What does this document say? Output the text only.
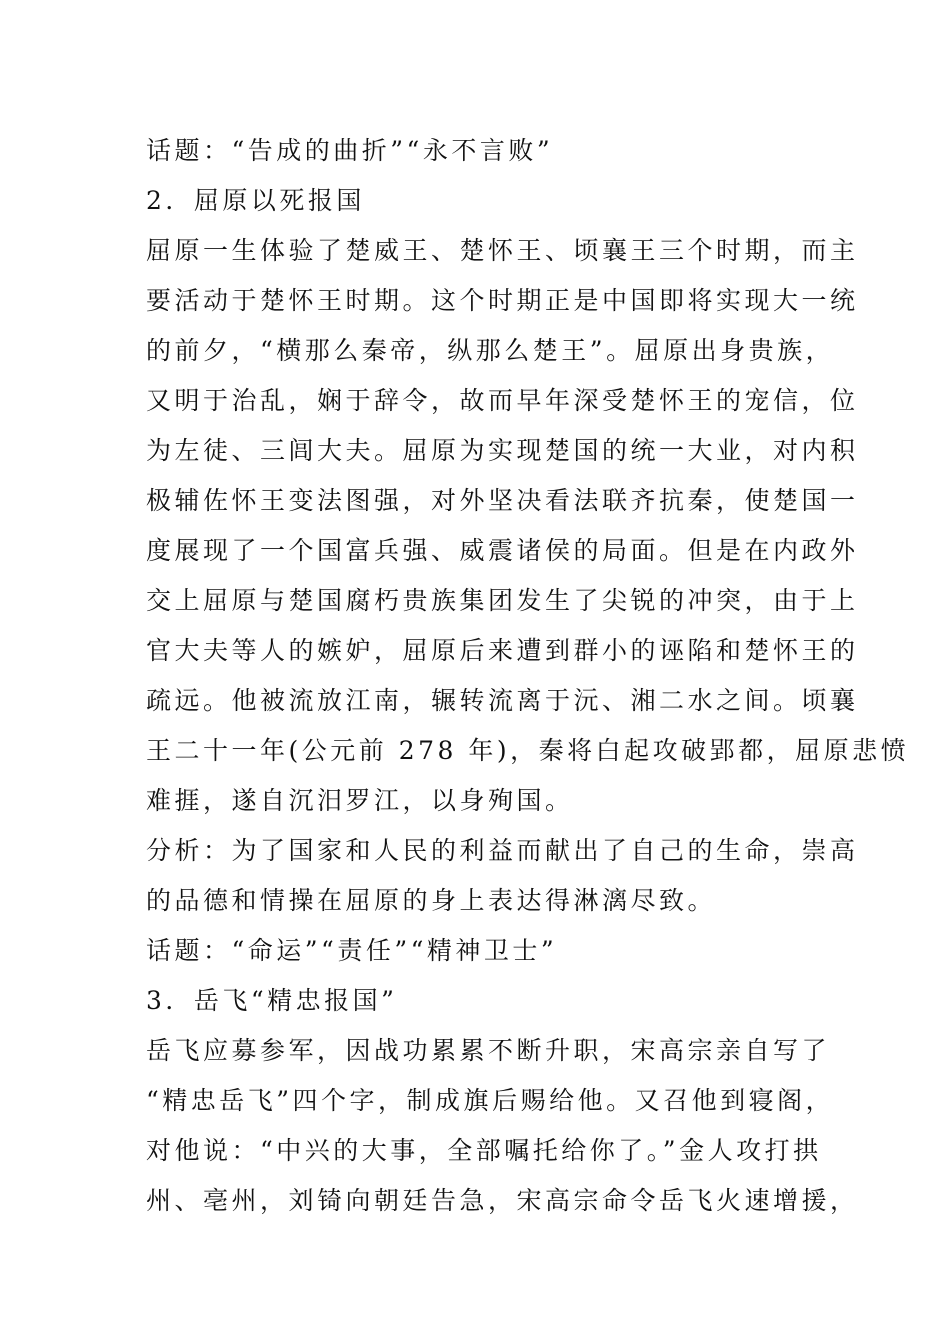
话题：“告成的曲折”“永不言败”
2．屈原以死报国
屈原一生体验了楚威王、楚怀王、顷襄王三个时期，而主
要活动于楚怀王时期。这个时期正是中国即将实现大一统
的前夕，“横那么秦帝，纵那么楚王”。屈原出身贵族，
又明于治乱，娴于辞令，故而早年深受楚怀王的宠信，位
为左徒、三闾大夫。屈原为实现楚国的统一大业，对内积
极辅佐怀王变法图强，对外坚决看法联齐抗秦，使楚国一
度展现了一个国富兵强、威震诸侯的局面。但是在内政外
交上屈原与楚国腐朽贵族集团发生了尖锐的冲突，由于上
官大夫等人的嫉妒，屈原后来遭到群小的诬陷和楚怀王的
疏远。他被流放江南，辗转流离于沅、湘二水之间。顷襄
王二十一年(公元前 278 年)，秦将白起攻破郢都，屈原悲愤
难捱，遂自沉汨罗江，以身殉国。
分析：为了国家和人民的利益而献出了自己的生命，崇高
的品德和情操在屈原的身上表达得淋漓尽致。
话题：“命运”“责任”“精神卫士”
3．岳飞“精忠报国”
岳飞应募参军，因战功累累不断升职，宋高宗亲自写了
“精忠岳飞”四个字，制成旗后赐给他。又召他到寝阁，
对他说：“中兴的大事，全部嘱托给你了。”金人攻打拱
州、亳州，刘锜向朝廷告急，宋高宗命令岳飞火速增援，
